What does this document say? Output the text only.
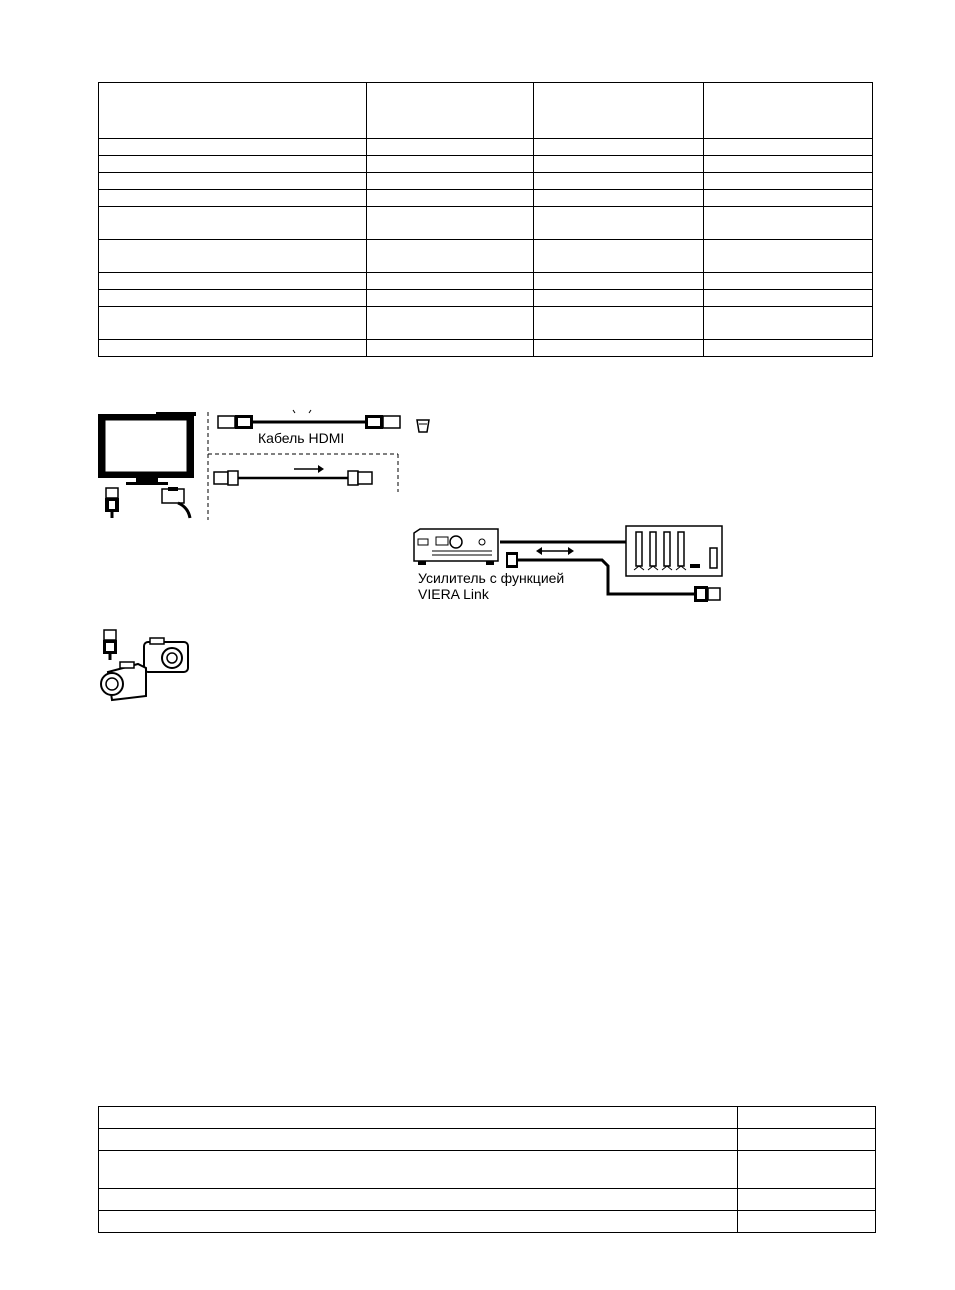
Кабель HDMI
Усилитель с функцией
VIERA Link
